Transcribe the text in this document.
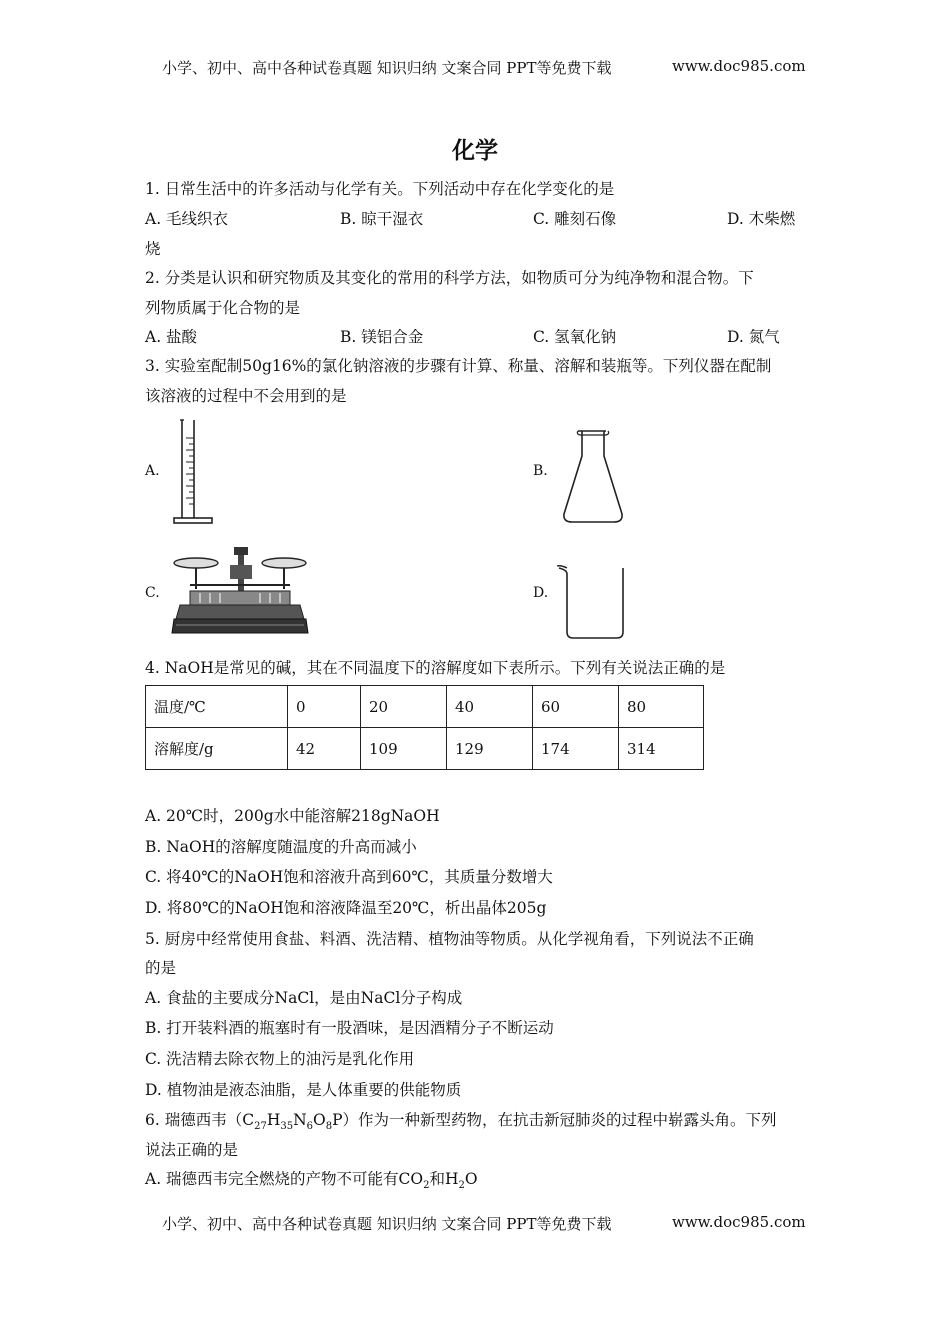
小学、初中、高中各种试卷真题 知识归纳 文案合同 PPT等免费下载	www.doc985.com
化学
1. 日常生活中的许多活动与化学有关。下列活动中存在化学变化的是
A. 毛线织衣	B. 晾干湿衣	C. 雕刻石像	D. 木柴燃
烧
2. 分类是认识和研究物质及其变化的常用的科学方法，如物质可分为纯净物和混合物。下
列物质属于化合物的是
A. 盐酸	B. 镁铝合金	C. 氢氧化钠	D. 氮气
3. 实验室配制50g16%的氯化钠溶液的步骤有计算、称量、溶解和装瓶等。下列仪器在配制
该溶液的过程中不会用到的是
A.	B.
C.	D.
4. NaOH是常见的碱，其在不同温度下的溶解度如下表所示。下列有关说法正确的是
温度/℃	0	20	40	60	80
溶解度/g	42	109	129	174	314
A. 20℃时，200g水中能溶解218gNaOH
B. NaOH的溶解度随温度的升高而减小
C. 将40℃的NaOH饱和溶液升高到60℃，其质量分数增大
D. 将80℃的NaOH饱和溶液降温至20℃，析出晶体205g
5. 厨房中经常使用食盐、料酒、洗洁精、植物油等物质。从化学视角看，下列说法不正确
的是
A. 食盐的主要成分NaCl，是由NaCl分子构成
B. 打开装料酒的瓶塞时有一股酒味，是因酒精分子不断运动
C. 洗洁精去除衣物上的油污是乳化作用
D. 植物油是液态油脂，是人体重要的供能物质
6. 瑞德西韦$(C_{27}H_{35}N_6O_8P)$作为一种新型药物，在抗击新冠肺炎的过程中崭露头角。下列
说法正确的是
A. 瑞德西韦完全燃烧的产物不可能有$CO_2$和$H_2O$
小学、初中、高中各种试卷真题 知识归纳 文案合同 PPT等免费下载	www.doc985.com
